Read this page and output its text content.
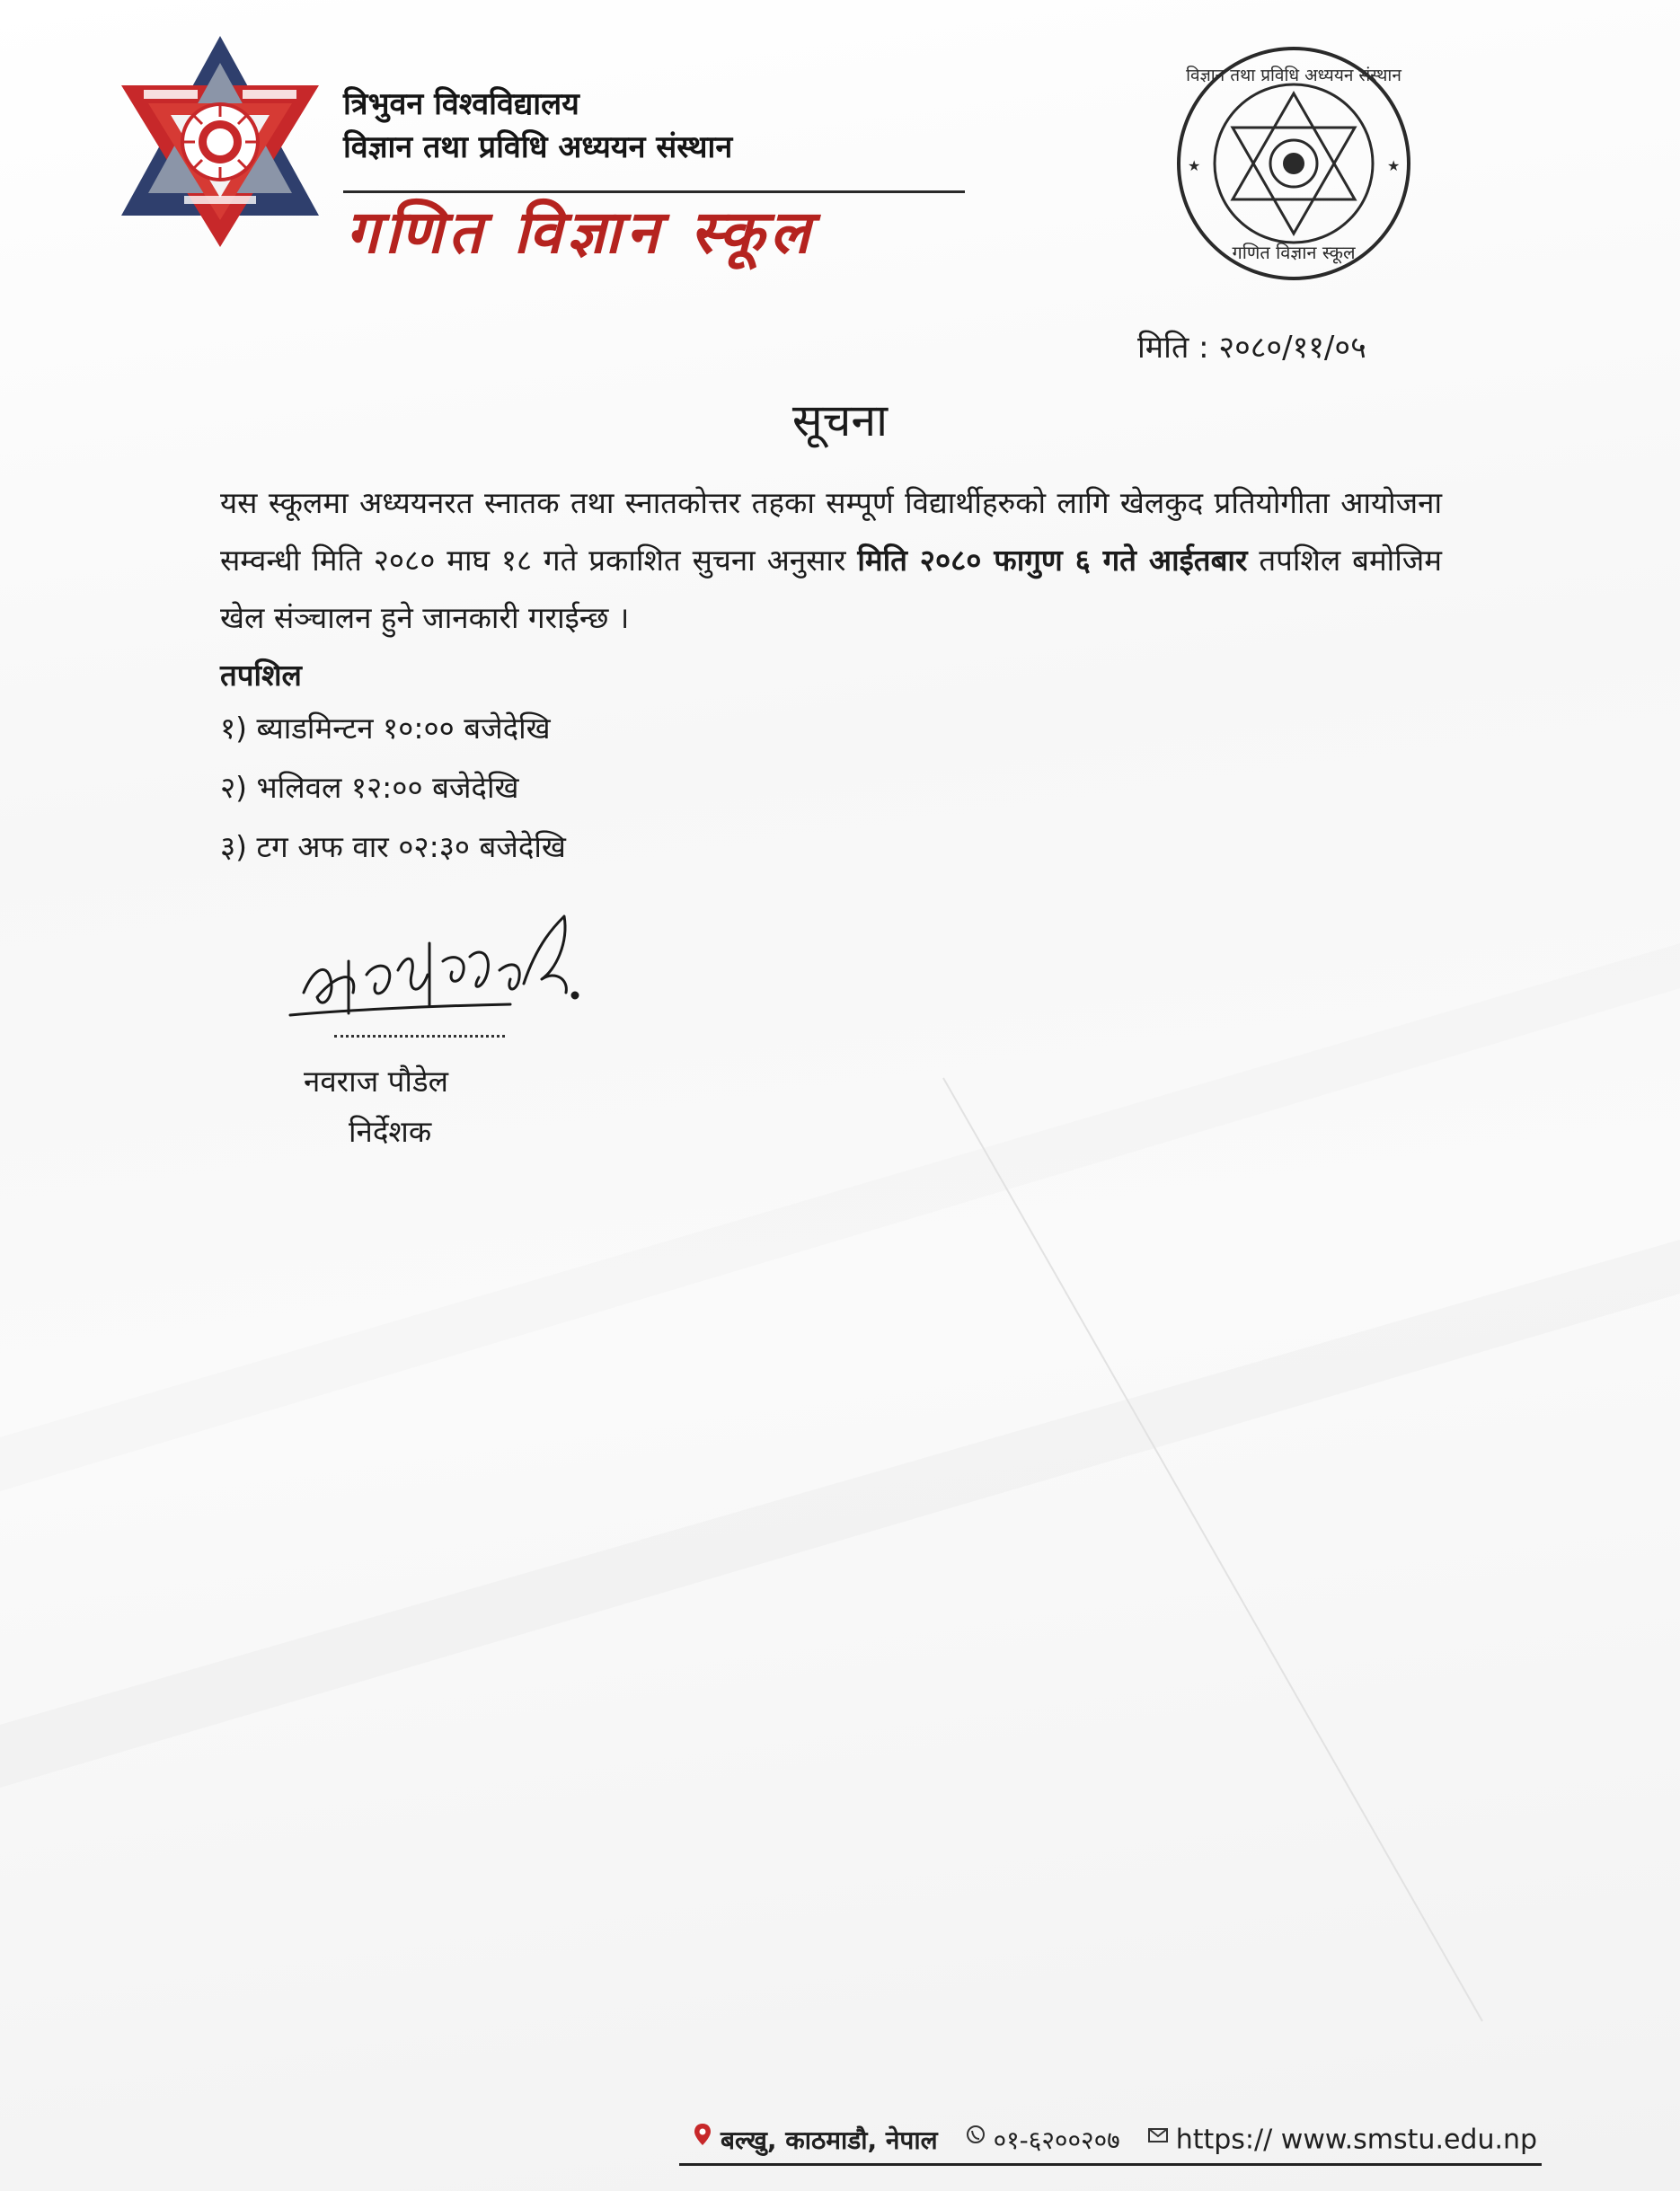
त्रिभुवन विश्वविद्यालय
विज्ञान तथा प्रविधि अध्ययन संस्थान
गणित विज्ञान स्कूल
विज्ञान तथा प्रविधि अध्ययन संस्थान
गणित विज्ञान स्कूल
★	★
मिति : २०८०/११/०५
सूचना
यस स्कूलमा अध्ययनरत स्नातक तथा स्नातकोत्तर तहका सम्पूर्ण विद्यार्थीहरुको लागि खेलकुद प्रतियोगीता आयोजना सम्वन्धी मिति २०८० माघ १८ गते प्रकाशित सुचना अनुसार मिति २०८० फागुण ६ गते आईतबार तपशिल बमोजिम खेल संञ्चालन हुने जानकारी गराईन्छ ।
तपशिल
१) ब्याडमिन्टन १०:०० बजेदेखि
२) भलिवल १२:०० बजेदेखि
३) टग अफ वार ०२:३० बजेदेखि
नवराज पौडेल
निर्देशक
बल्खु, काठमाडौ, नेपाल ०१-६२००२०७ https:// www.smstu.edu.np
